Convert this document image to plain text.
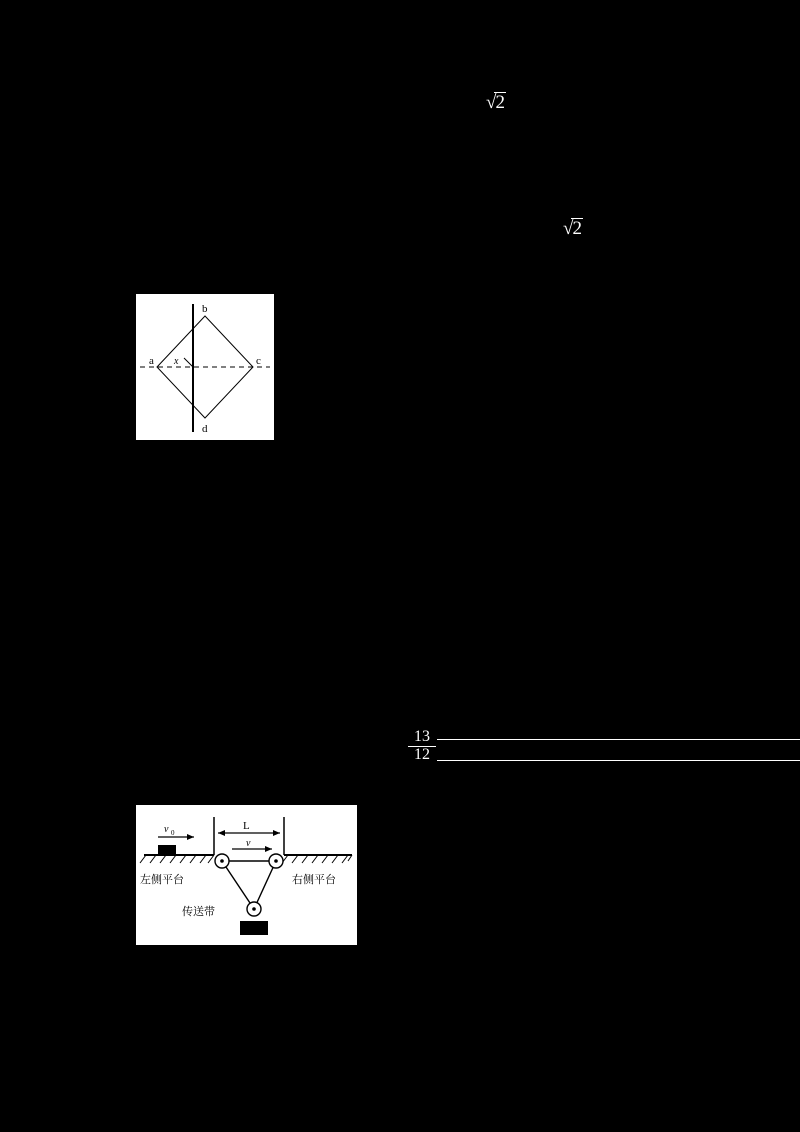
√2
√2
13
12
a
b
c
d
x
v 0
L
v
左侧平台	右侧平台
传送带
